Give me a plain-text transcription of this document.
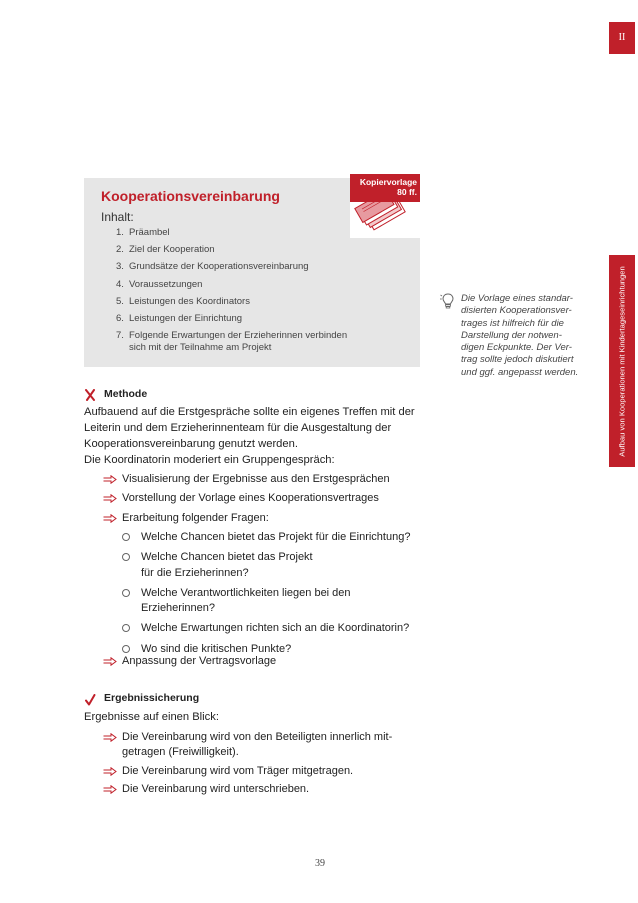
II
Aufbau von Kooperationen mit Kindertageseinrichtungen
Kooperationsvereinbarung
Inhalt:
1. Präambel
2. Ziel der Kooperation
3. Grundsätze der Kooperationsvereinbarung
4. Voraussetzungen
5. Leistungen des Koordinators
6. Leistungen der Einrichtung
7. Folgende Erwartungen der Erzieherinnen verbinden sich mit der Teilnahme am Projekt
Kopiervorlage
80 ff.

Die Vorlage eines standar-

disierten Kooperationsver-

trages ist hilfreich für die

Darstellung der notwen-

digen Eckpunkte. Der Ver-

trag sollte jedoch diskutiert

und ggf. angepasst werden.

Methode

Aufbauend auf die Erstgespräche sollte ein eigenes Treffen mit der Leiterin und dem Erzieherinnenteam für die Ausgestaltung der Kooperationsvereinbarung genutzt werden.

Die Koordinatorin moderiert ein Gruppengespräch:

Visualisierung der Ergebnisse aus den Erstgesprächen
Vorstellung der Vorlage eines Kooperationsvertrages
Erarbeitung folgender Fragen:
Welche Chancen bietet das Projekt für die Einrichtung?
Welche Chancen bietet das Projekt für die Erzieherinnen?
Welche Verantwortlichkeiten liegen bei den Erzieherinnen?
Welche Erwartungen richten sich an die Koordinatorin?
Wo sind die kritischen Punkte?
Anpassung der Vertragsvorlage
Ergebnissicherung

Ergebnisse auf einen Blick:

Die Vereinbarung wird von den Beteiligten innerlich mit-getragen (Freiwilligkeit).
Die Vereinbarung wird vom Träger mitgetragen.
Die Vereinbarung wird unterschrieben.
39
